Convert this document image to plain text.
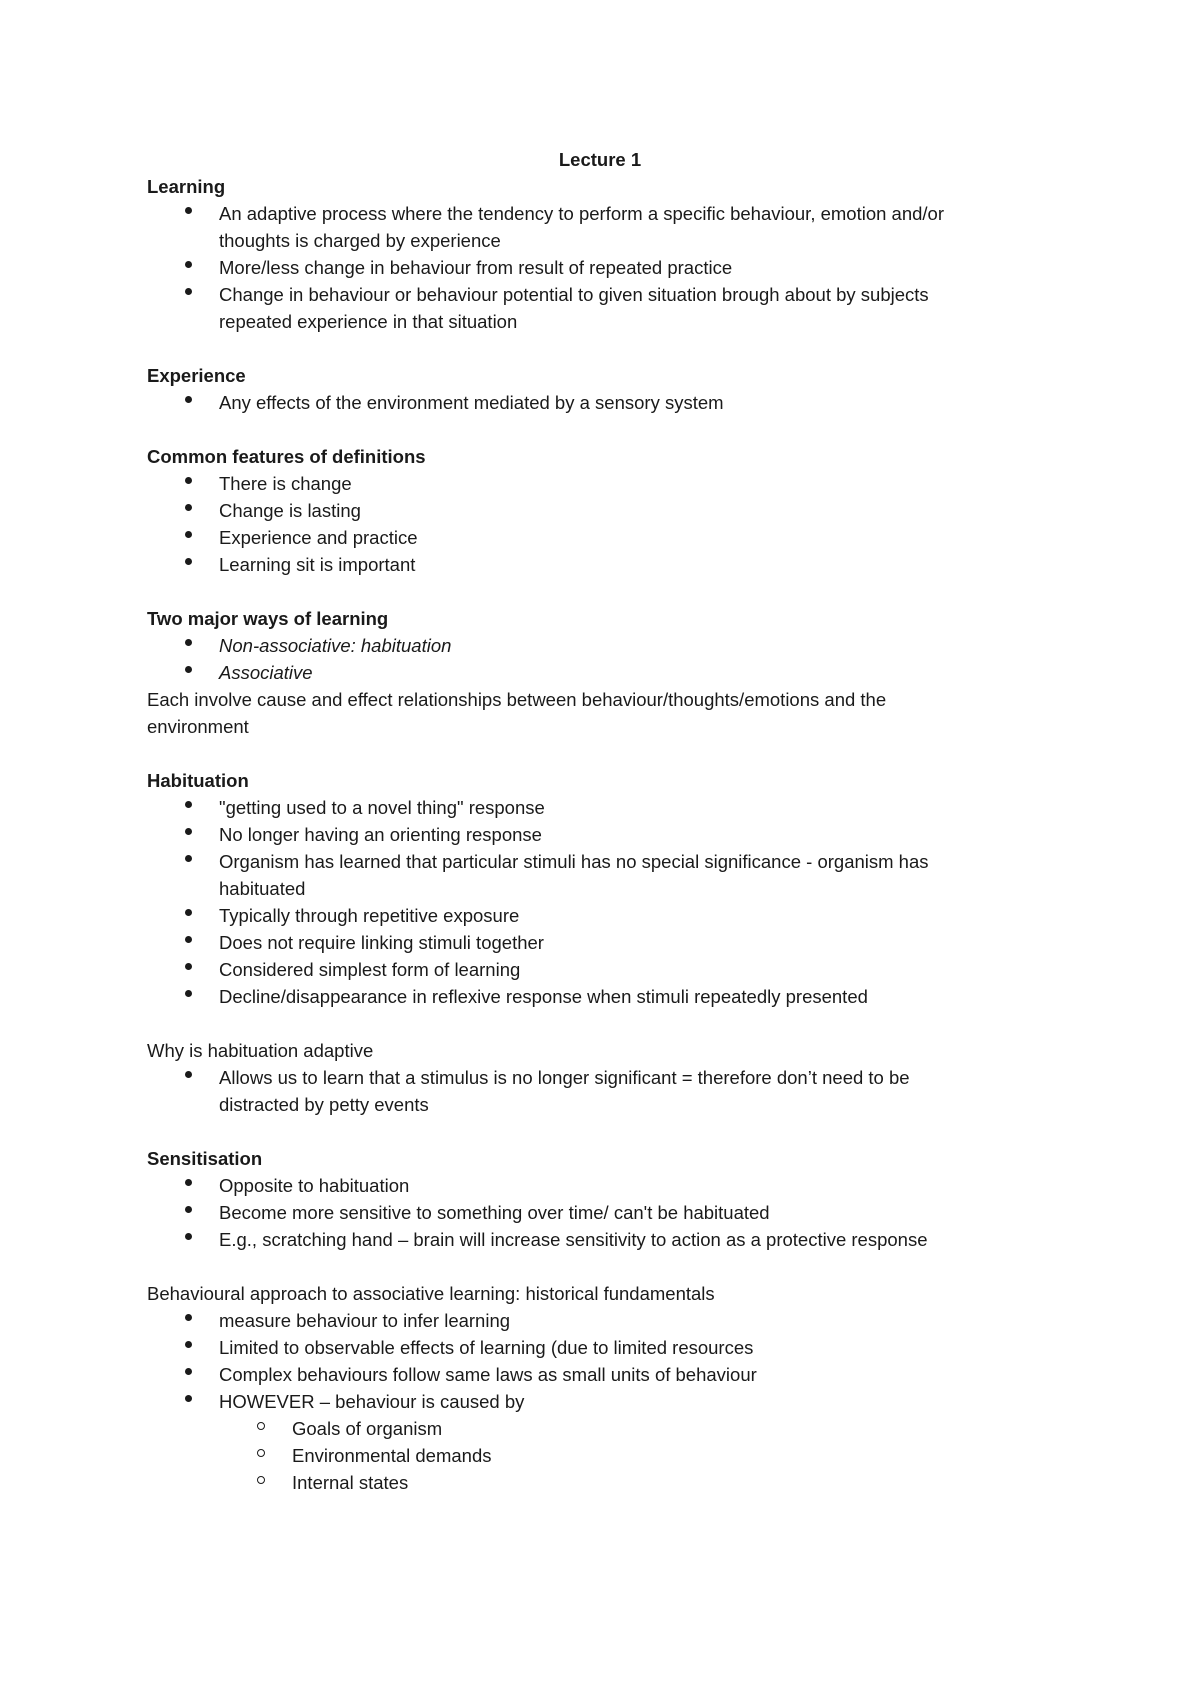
Lecture 1
Learning
An adaptive process where the tendency to perform a specific behaviour, emotion and/or
thoughts is charged by experience
More/less change in behaviour from result of repeated practice
Change in behaviour or behaviour potential to given situation brough about by subjects
repeated experience in that situation
Experience
Any effects of the environment mediated by a sensory system
Common features of definitions
There is change
Change is lasting
Experience and practice
Learning sit is important
Two major ways of learning
Non-associative: habituation
Associative
Each involve cause and effect relationships between behaviour/thoughts/emotions and the
environment
Habituation
"getting used to a novel thing" response
No longer having an orienting response
Organism has learned that particular stimuli has no special significance - organism has
habituated
Typically through repetitive exposure
Does not require linking stimuli together
Considered simplest form of learning
Decline/disappearance in reflexive response when stimuli repeatedly presented
Why is habituation adaptive
Allows us to learn that a stimulus is no longer significant = therefore don’t need to be
distracted by petty events
Sensitisation
Opposite to habituation
Become more sensitive to something over time/ can't be habituated
E.g., scratching hand – brain will increase sensitivity to action as a protective response
Behavioural approach to associative learning: historical fundamentals
measure behaviour to infer learning
Limited to observable effects of learning (due to limited resources
Complex behaviours follow same laws as small units of behaviour
HOWEVER – behaviour is caused by
Goals of organism
Environmental demands
Internal states
